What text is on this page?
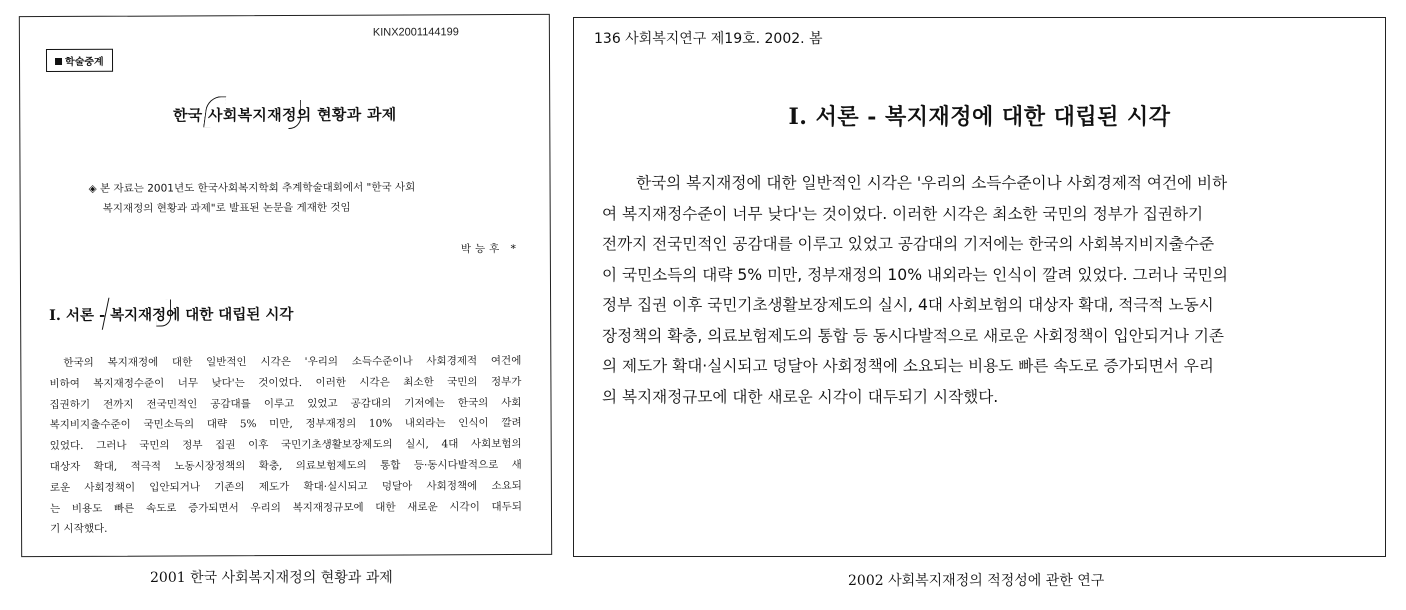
KINX2001144199
학술중계
한국 사회복지재정의 현황과 과제
◈ 본 자료는 2001년도 한국사회복지학회 추계학술대회에서 "한국 사회
복지재정의 현황과 과제"로 발표된 논문을 게재한 것임
박능후 *
Ⅰ. 서론 - 복지재정에 대한 대립된 시각
한국의 복지재정에 대한 일반적인 시각은 '우리의 소득수준이나 사회경제적 여건에
비하여 복지재정수준이 너무 낮다'는 것이었다. 이러한 시각은 최소한 국민의 정부가
집권하기 전까지 전국민적인 공감대를 이루고 있었고 공감대의 기저에는 한국의 사회
복지비지출수준이 국민소득의 대략 5% 미만, 정부재정의 10% 내외라는 인식이 깔려
있었다. 그러나 국민의 정부 집권 이후 국민기초생활보장제도의 실시, 4대 사회보험의
대상자 확대, 적극적 노동시장정책의 확충, 의료보험제도의 통합 등·동시다발적으로 새
로운 사회정책이 입안되거나 기존의 제도가 확대·실시되고 덩달아 사회정책에 소요되
는 비용도 빠른 속도로 증가되면서 우리의 복지재정규모에 대한 새로운 시각이 대두되
기 시작했다.
136 사회복지연구 제19호. 2002. 봄
Ⅰ. 서론 - 복지재정에 대한 대립된 시각
한국의 복지재정에 대한 일반적인 시각은 '우리의 소득수준이나 사회경제적 여건에 비하
여 복지재정수준이 너무 낮다'는 것이었다. 이러한 시각은 최소한 국민의 정부가 집권하기
전까지 전국민적인 공감대를 이루고 있었고 공감대의 기저에는 한국의 사회복지비지출수준
이 국민소득의 대략 5% 미만, 정부재정의 10% 내외라는 인식이 깔려 있었다. 그러나 국민의
정부 집권 이후 국민기초생활보장제도의 실시, 4대 사회보험의 대상자 확대, 적극적 노동시
장정책의 확충, 의료보험제도의 통합 등 동시다발적으로 새로운 사회정책이 입안되거나 기존
의 제도가 확대·실시되고 덩달아 사회정책에 소요되는 비용도 빠른 속도로 증가되면서 우리
의 복지재정규모에 대한 새로운 시각이 대두되기 시작했다.
2001 한국 사회복지재정의 현황과 과제	2002 사회복지재정의 적정성에 관한 연구
